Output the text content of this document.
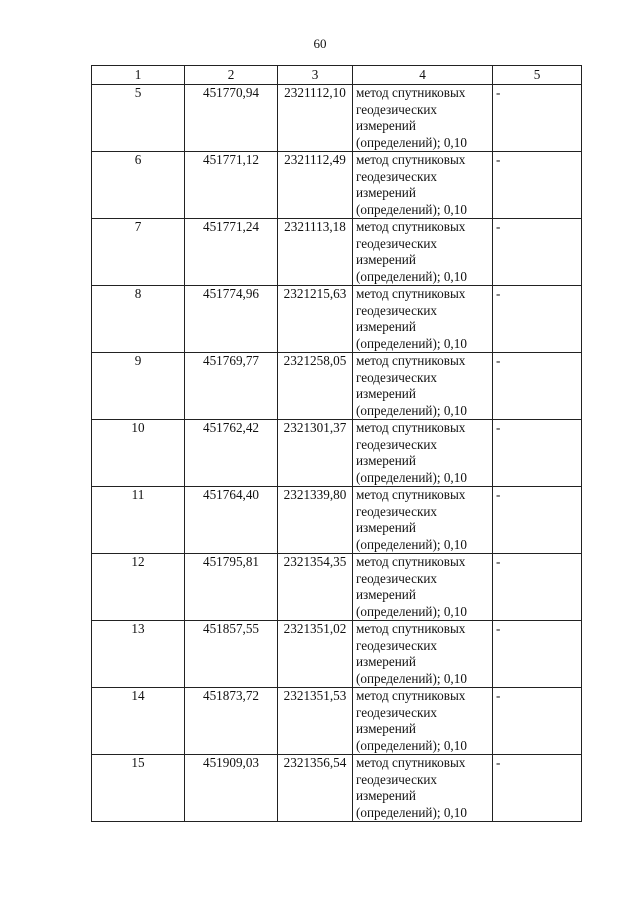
60
1	2	3	4	5
5	451770,94	2321112,10	метод спутниковых
геодезических
измерений
(определений); 0,10	-
6	451771,12	2321112,49	метод спутниковых
геодезических
измерений
(определений); 0,10	-
7	451771,24	2321113,18	метод спутниковых
геодезических
измерений
(определений); 0,10	-
8	451774,96	2321215,63	метод спутниковых
геодезических
измерений
(определений); 0,10	-
9	451769,77	2321258,05	метод спутниковых
геодезических
измерений
(определений); 0,10	-
10	451762,42	2321301,37	метод спутниковых
геодезических
измерений
(определений); 0,10	-
11	451764,40	2321339,80	метод спутниковых
геодезических
измерений
(определений); 0,10	-
12	451795,81	2321354,35	метод спутниковых
геодезических
измерений
(определений); 0,10	-
13	451857,55	2321351,02	метод спутниковых
геодезических
измерений
(определений); 0,10	-
14	451873,72	2321351,53	метод спутниковых
геодезических
измерений
(определений); 0,10	-
15	451909,03	2321356,54	метод спутниковых
геодезических
измерений
(определений); 0,10	-
